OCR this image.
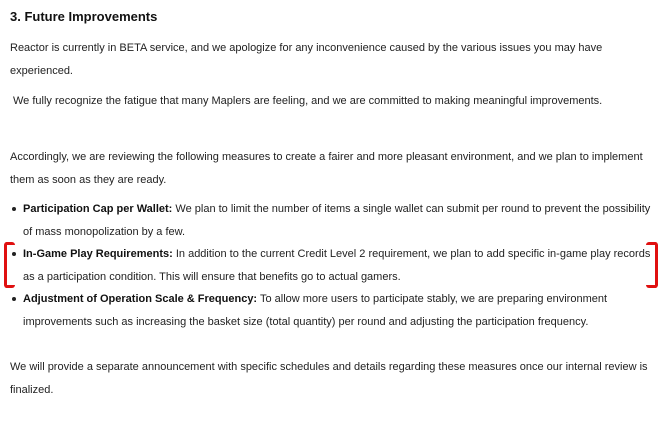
3. Future Improvements

Reactor is currently in BETA service, and we apologize for any inconvenience caused by the various issues you may have experienced.

We fully recognize the fatigue that many Maplers are feeling, and we are committed to making meaningful improvements.

Accordingly, we are reviewing the following measures to create a fairer and more pleasant environment, and we plan to implement them as soon as they are ready.

Participation Cap per Wallet: We plan to limit the number of items a single wallet can submit per round to prevent the possibility of mass monopolization by a few.
In-Game Play Requirements: In addition to the current Credit Level 2 requirement, we plan to add specific in-game play records as a participation condition. This will ensure that benefits go to actual gamers.
Adjustment of Operation Scale & Frequency: To allow more users to participate stably, we are preparing environment improvements such as increasing the basket size (total quantity) per round and adjusting the participation frequency.

We will provide a separate announcement with specific schedules and details regarding these measures once our internal review is finalized.
